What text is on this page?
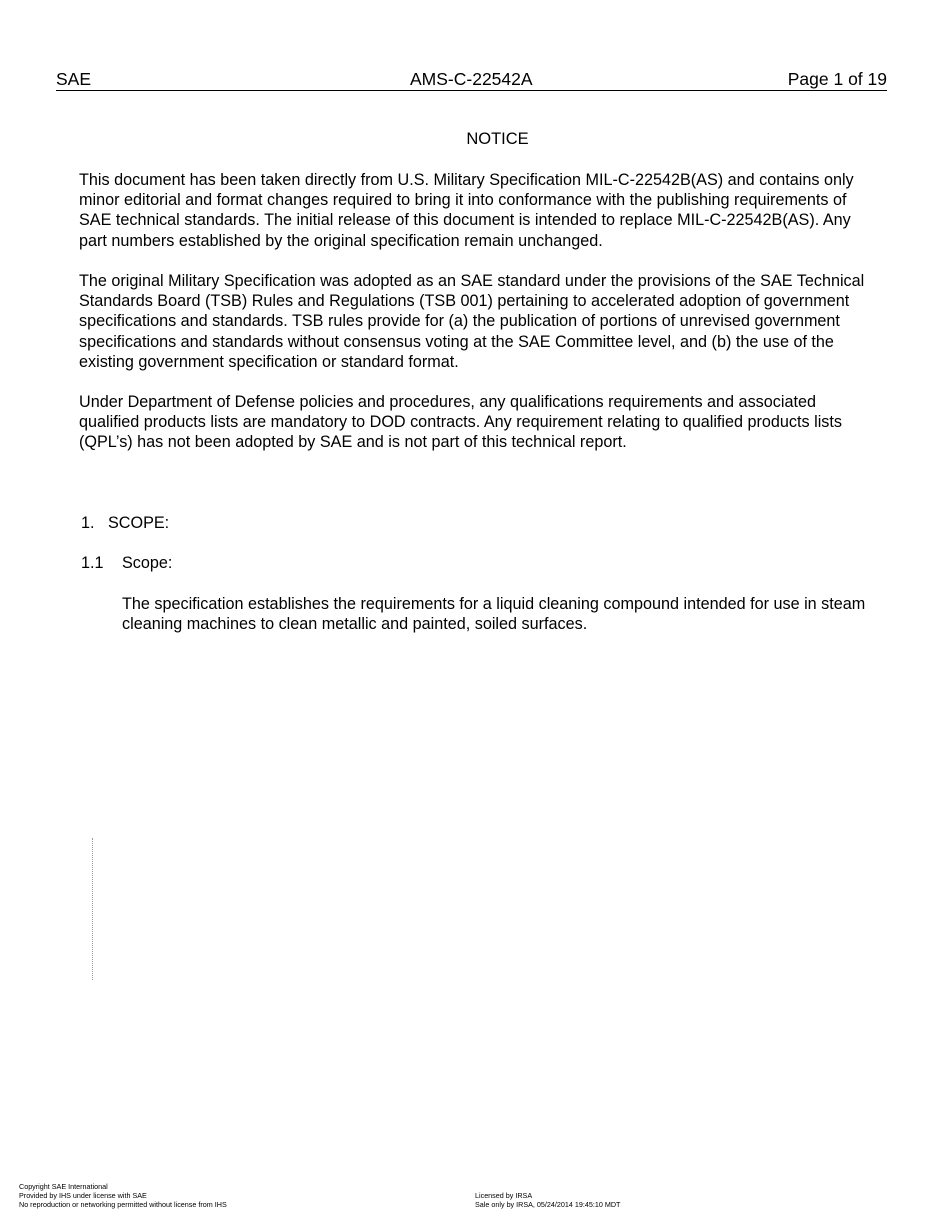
SAE	AMS-C-22542A	Page 1 of 19
NOTICE

This document has been taken directly from U.S. Military Specification MIL-C-22542B(AS) and contains only minor editorial and format changes required to bring it into conformance with the publishing requirements of SAE technical standards. The initial release of this document is intended to replace MIL-C-22542B(AS). Any part numbers established by the original specification remain unchanged.

The original Military Specification was adopted as an SAE standard under the provisions of the SAE Technical Standards Board (TSB) Rules and Regulations (TSB 001) pertaining to accelerated adoption of government specifications and standards. TSB rules provide for (a) the publication of portions of unrevised government specifications and standards without consensus voting at the SAE Committee level, and (b) the use of the existing government specification or standard format.

Under Department of Defense policies and procedures, any qualifications requirements and associated qualified products lists are mandatory to DOD contracts. Any requirement relating to qualified products lists (QPL’s) has not been adopted by SAE and is not part of this technical report.

1. SCOPE:
1.1 Scope:

The specification establishes the requirements for a liquid cleaning compound intended for use in steam cleaning machines to clean metallic and painted, soiled surfaces.

Copyright SAE International
Provided by IHS under license with SAE
No reproduction or networking permitted without license from IHS
Licensed by IRSA
Sale only by IRSA, 05/24/2014 19:45:10 MDT
